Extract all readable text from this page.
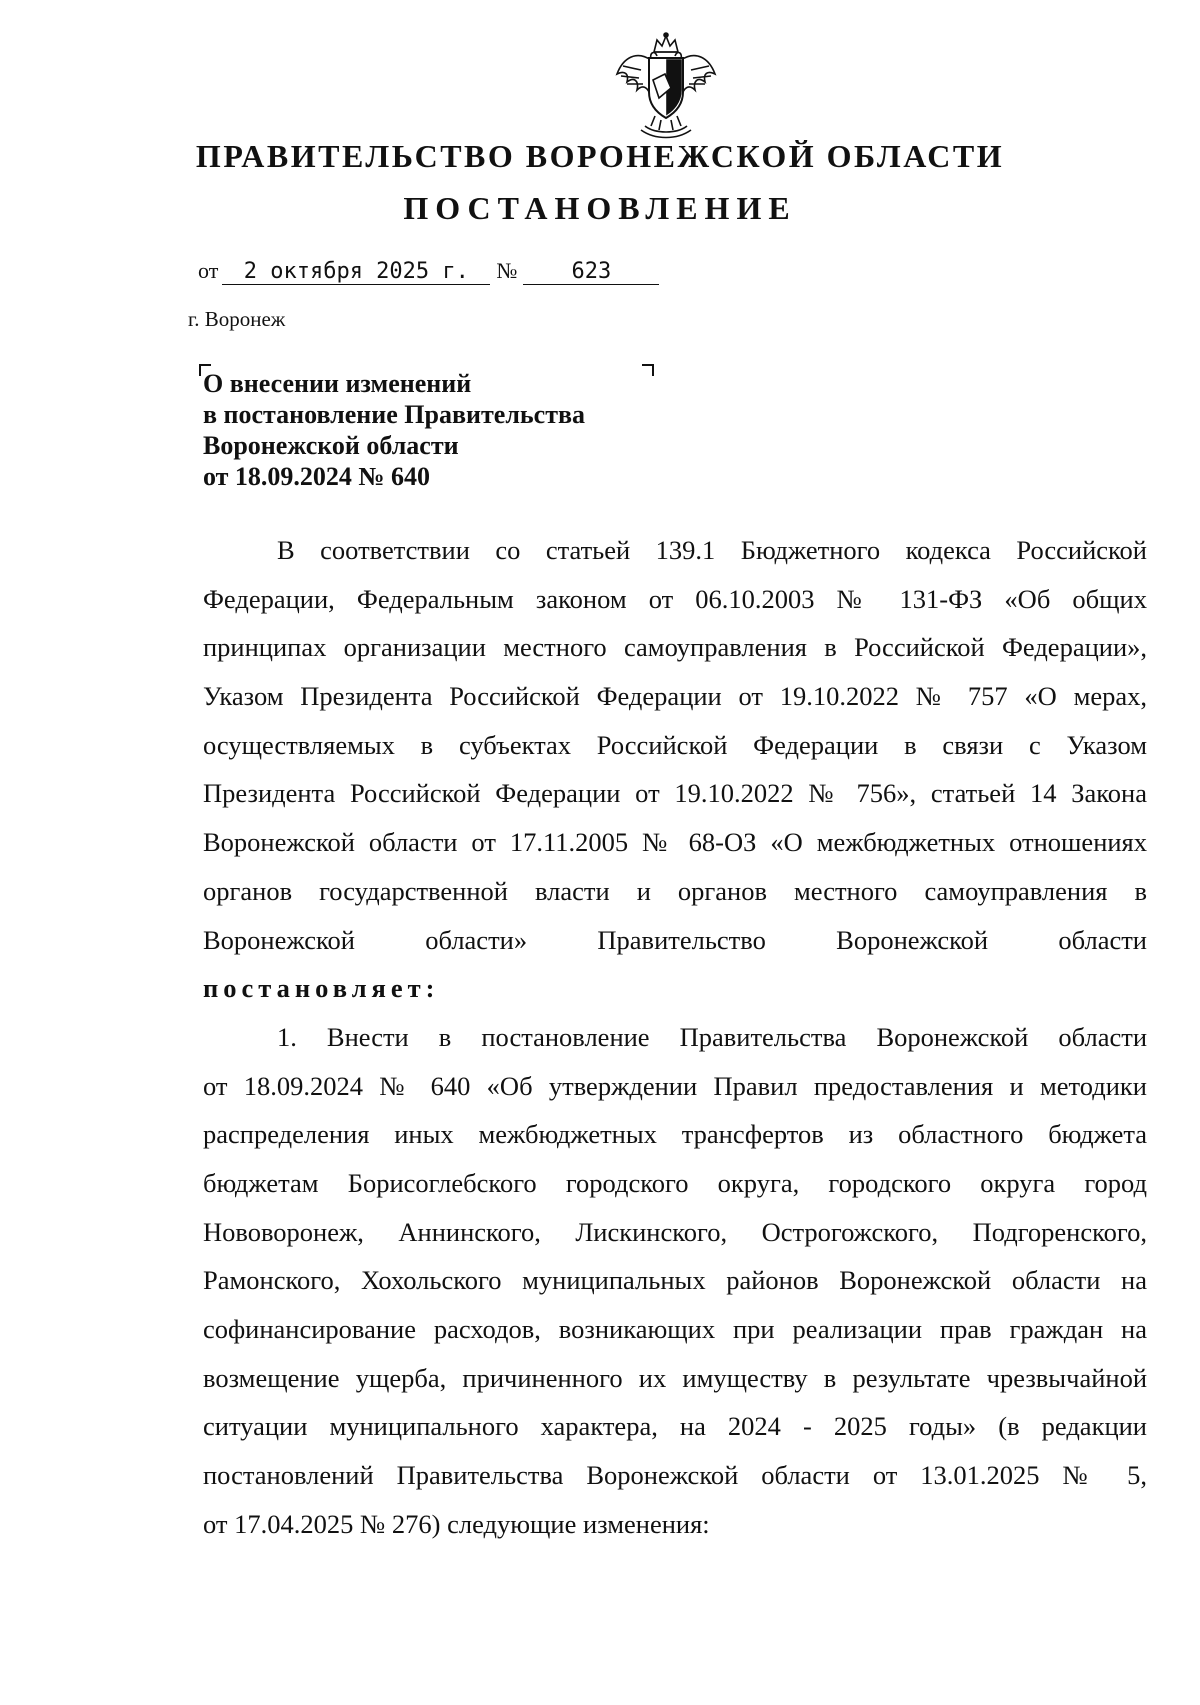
ПРАВИТЕЛЬСТВО ВОРОНЕЖСКОЙ ОБЛАСТИ
ПОСТАНОВЛЕНИЕ
от 2 октября 2025 г. № 623
г. Воронеж
О внесении изменений
в постановление Правительства
Воронежской области
от 18.09.2024 № 640
В соответствии со статьей 139.1 Бюджетного кодекса Российской
Федерации, Федеральным законом от 06.10.2003 № 131-ФЗ «Об общих
принципах организации местного самоуправления в Российской Федерации»,
Указом Президента Российской Федерации от 19.10.2022 № 757 «О мерах,
осуществляемых в субъектах Российской Федерации в связи с Указом
Президента Российской Федерации от 19.10.2022 № 756», статьей 14 Закона
Воронежской области от 17.11.2005 № 68-ОЗ «О межбюджетных отношениях
органов государственной власти и органов местного самоуправления в
Воронежской области» Правительство Воронежской области
постановляет:
1. Внести в постановление Правительства Воронежской области
от 18.09.2024 № 640 «Об утверждении Правил предоставления и методики
распределения иных межбюджетных трансфертов из областного бюджета
бюджетам Борисоглебского городского округа, городского округа город
Нововоронеж, Аннинского, Лискинского, Острогожского, Подгоренского,
Рамонского, Хохольского муниципальных районов Воронежской области на
софинансирование расходов, возникающих при реализации прав граждан на
возмещение ущерба, причиненного их имуществу в результате чрезвычайной
ситуации муниципального характера, на 2024 - 2025 годы» (в редакции
постановлений Правительства Воронежской области от 13.01.2025 № 5,
от 17.04.2025 № 276) следующие изменения:
